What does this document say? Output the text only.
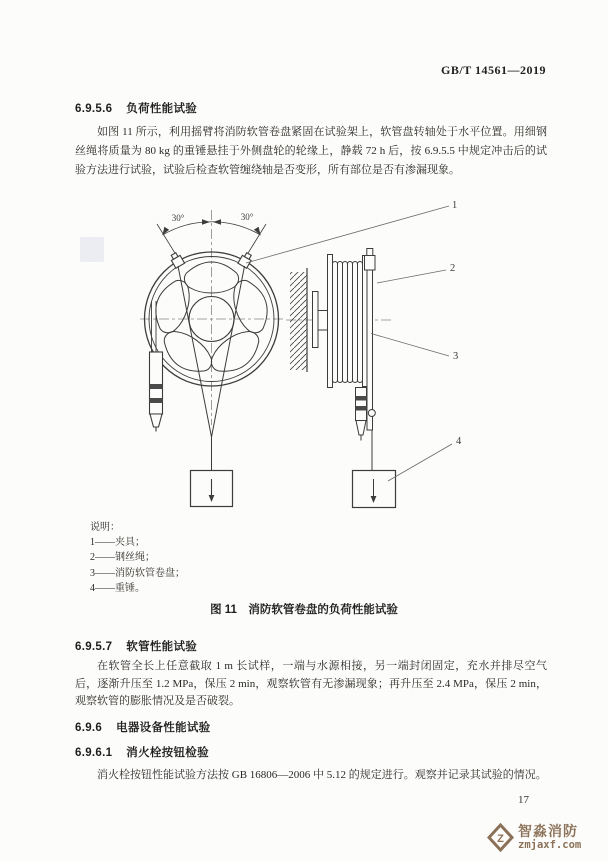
GB/T 14561—2019
6.9.5.6 负荷性能试验

如图 11 所示，利用摇臂将消防软管卷盘紧固在试验架上，软管盘转轴处于水平位置。用细钢丝绳将质量为 80 kg 的重锤悬挂于外侧盘轮的轮缘上，静载 72 h 后，按 6.9.5.5 中规定冲击后的试验方法进行试验，试验后检查软管缠绕轴是否变形，所有部位是否有渗漏现象。

30°	30°
1
2
3
4
说明：
1——夹具；
2——钢丝绳；
3——消防软管卷盘；
4——重锤。
图 11　消防软管卷盘的负荷性能试验
6.9.5.7 软管性能试验

在软管全长上任意截取 1 m 长试样，一端与水源相接，另一端封闭固定，充水并排尽空气后，逐渐升压至 1.2 MPa，保压 2 min，观察软管有无渗漏现象；再升压至 2.4 MPa，保压 2 min，观察软管的膨胀情况及是否破裂。

6.9.6 电器设备性能试验
6.9.6.1 消火栓按钮检验

消火栓按钮性能试验方法按 GB 16806—2006 中 5.12 的规定进行。观察并记录其试验的情况。

17
Z 智淼消防
zmjaxf.com
